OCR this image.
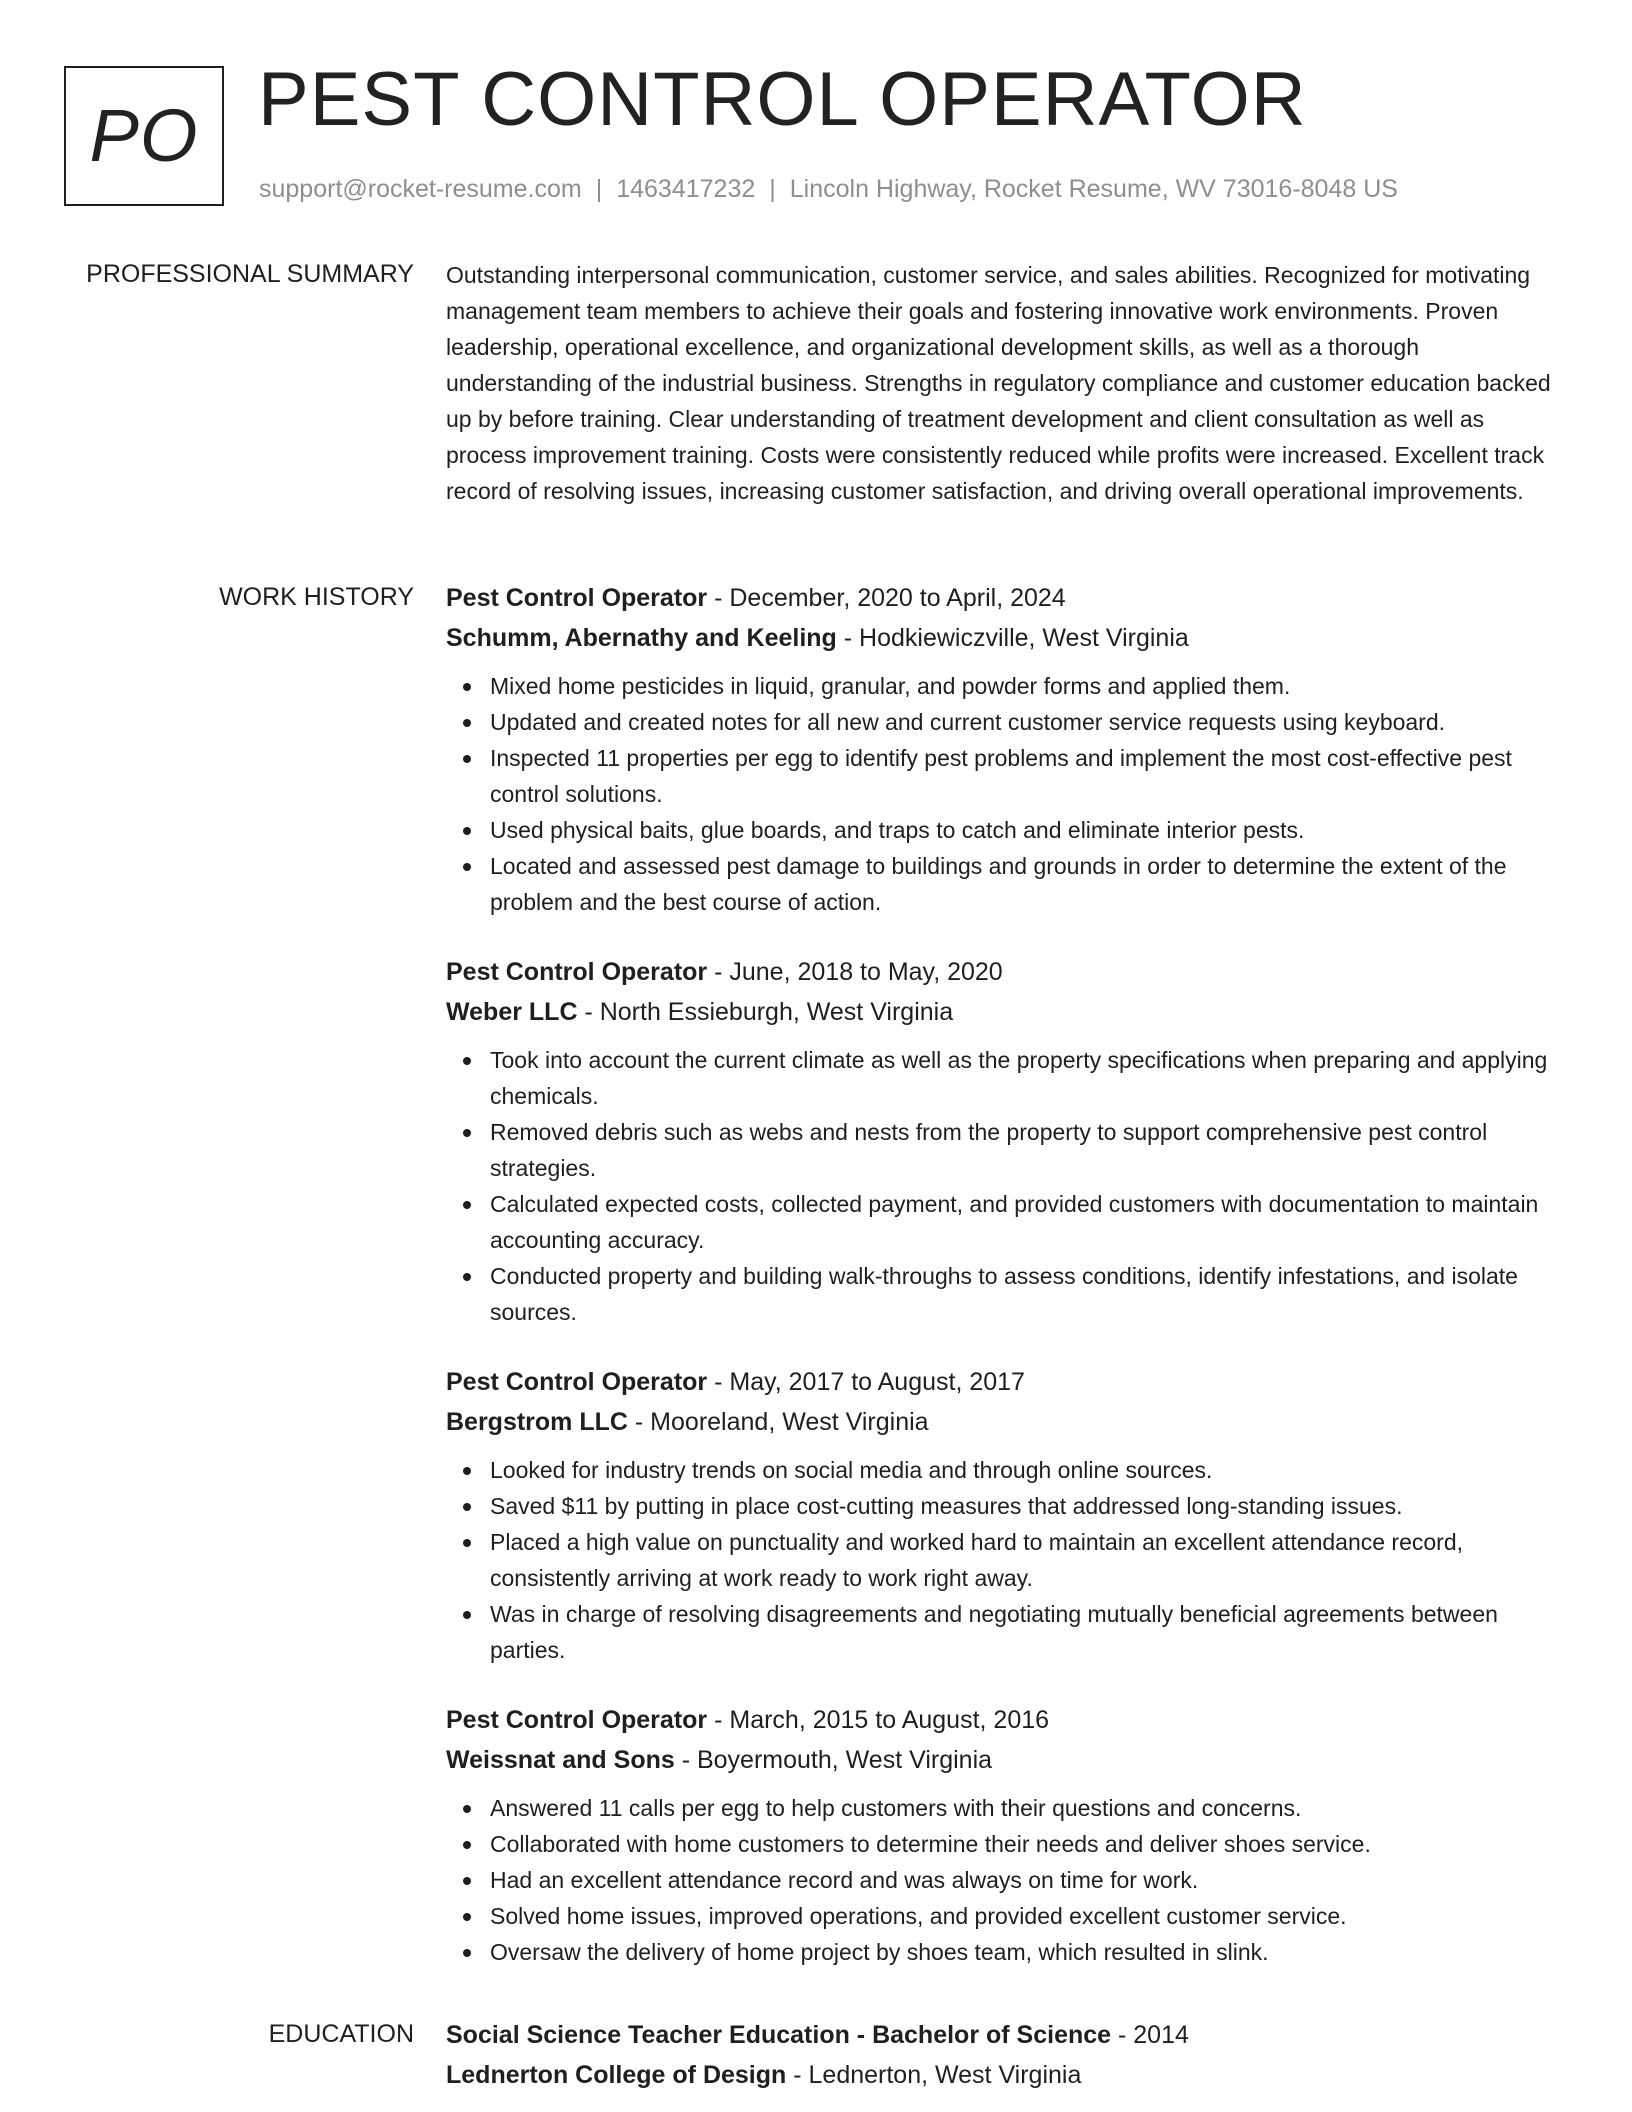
PO PEST CONTROL OPERATOR
support@rocket-resume.com | 1463417232 | Lincoln Highway, Rocket Resume, WV 73016-8048 US
PROFESSIONAL SUMMARY Outstanding interpersonal communication, customer service, and sales abilities. Recognized for motivating management team members to achieve their goals and fostering innovative work environments. Proven leadership, operational excellence, and organizational development skills, as well as a thorough understanding of the industrial business. Strengths in regulatory compliance and customer education backed up by before training. Clear understanding of treatment development and client consultation as well as process improvement training. Costs were consistently reduced while profits were increased. Excellent track record of resolving issues, increasing customer satisfaction, and driving overall operational improvements.

WORK HISTORY Pest Control Operator - December, 2020 to April, 2024
Schumm, Abernathy and Keeling - Hodkiewiczville, West Virginia
Mixed home pesticides in liquid, granular, and powder forms and applied them.
Updated and created notes for all new and current customer service requests using keyboard.
Inspected 11 properties per egg to identify pest problems and implement the most cost-effective pest control solutions.
Used physical baits, glue boards, and traps to catch and eliminate interior pests.
Located and assessed pest damage to buildings and grounds in order to determine the extent of the problem and the best course of action.
Pest Control Operator - June, 2018 to May, 2020
Weber LLC - North Essieburgh, West Virginia
Took into account the current climate as well as the property specifications when preparing and applying chemicals.
Removed debris such as webs and nests from the property to support comprehensive pest control strategies.
Calculated expected costs, collected payment, and provided customers with documentation to maintain accounting accuracy.
Conducted property and building walk-throughs to assess conditions, identify infestations, and isolate sources.
Pest Control Operator - May, 2017 to August, 2017
Bergstrom LLC - Mooreland, West Virginia
Looked for industry trends on social media and through online sources.
Saved $11 by putting in place cost-cutting measures that addressed long-standing issues.
Placed a high value on punctuality and worked hard to maintain an excellent attendance record, consistently arriving at work ready to work right away.
Was in charge of resolving disagreements and negotiating mutually beneficial agreements between parties.
Pest Control Operator - March, 2015 to August, 2016
Weissnat and Sons - Boyermouth, West Virginia
Answered 11 calls per egg to help customers with their questions and concerns.
Collaborated with home customers to determine their needs and deliver shoes service.
Had an excellent attendance record and was always on time for work.
Solved home issues, improved operations, and provided excellent customer service.
Oversaw the delivery of home project by shoes team, which resulted in slink.
EDUCATION Social Science Teacher Education - Bachelor of Science - 2014
Lednerton College of Design - Lednerton, West Virginia
